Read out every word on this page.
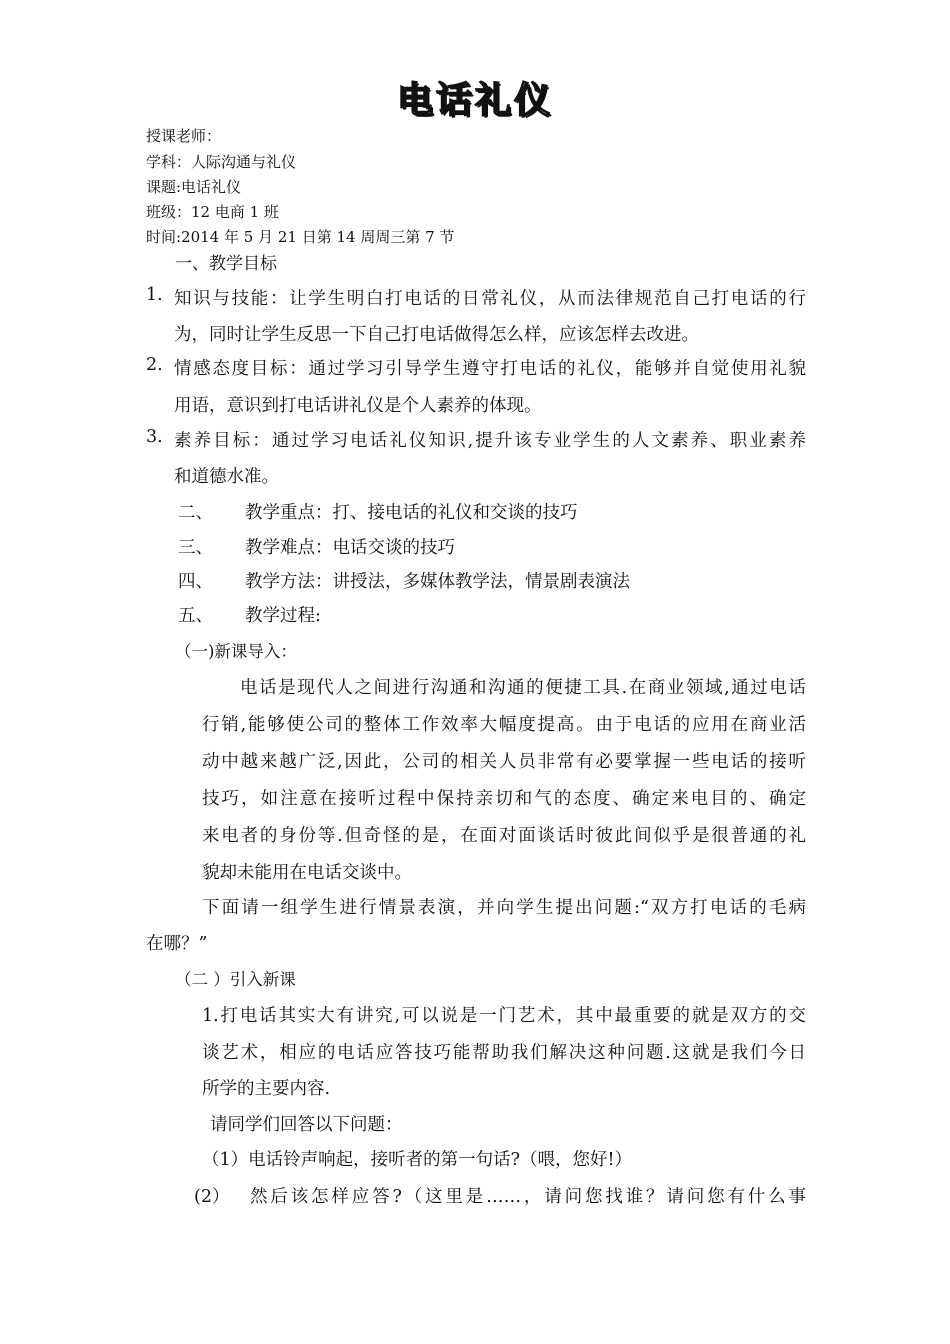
电话礼仪
授课老师：
学科：人际沟通与礼仪
课题:电话礼仪
班级：12 电商 1 班
时间:2014 年 5 月 21 日第 14 周周三第 7 节
一、教学目标
1. 知识与技能：让学生明白打电话的日常礼仪，从而法律规范自己打电话的行
为，同时让学生反思一下自己打电话做得怎么样，应该怎样去改进。
2. 情感态度目标：通过学习引导学生遵守打电话的礼仪，能够并自觉使用礼貌
用语，意识到打电话讲礼仪是个人素养的体现。
3. 素养目标：通过学习电话礼仪知识,提升该专业学生的人文素养、职业素养
和道德水准。
二、 教学重点：打、接电话的礼仪和交谈的技巧
三、 教学难点：电话交谈的技巧
四、 教学方法：讲授法，多媒体教学法，情景剧表演法
五、 教学过程:
（一)新课导入：
电话是现代人之间进行沟通和沟通的便捷工具.在商业领域,通过电话
行销,能够使公司的整体工作效率大幅度提高。由于电话的应用在商业活
动中越来越广泛,因此，公司的相关人员非常有必要掌握一些电话的接听
技巧，如注意在接听过程中保持亲切和气的态度、确定来电目的、确定
来电者的身份等.但奇怪的是，在面对面谈话时彼此间似乎是很普通的礼
貌却未能用在电话交谈中。
下面请一组学生进行情景表演，并向学生提出问题:“双方打电话的毛病
在哪？”
（二 ）引入新课
1.打电话其实大有讲究,可以说是一门艺术，其中最重要的就是双方的交
谈艺术，相应的电话应答技巧能帮助我们解决这种问题.这就是我们今日
所学的主要内容.
请同学们回答以下问题：
（1）电话铃声响起，接听者的第一句话?（喂，您好!）
(2） 然后该怎样应答?（这里是……，请问您找谁？请问您有什么事
